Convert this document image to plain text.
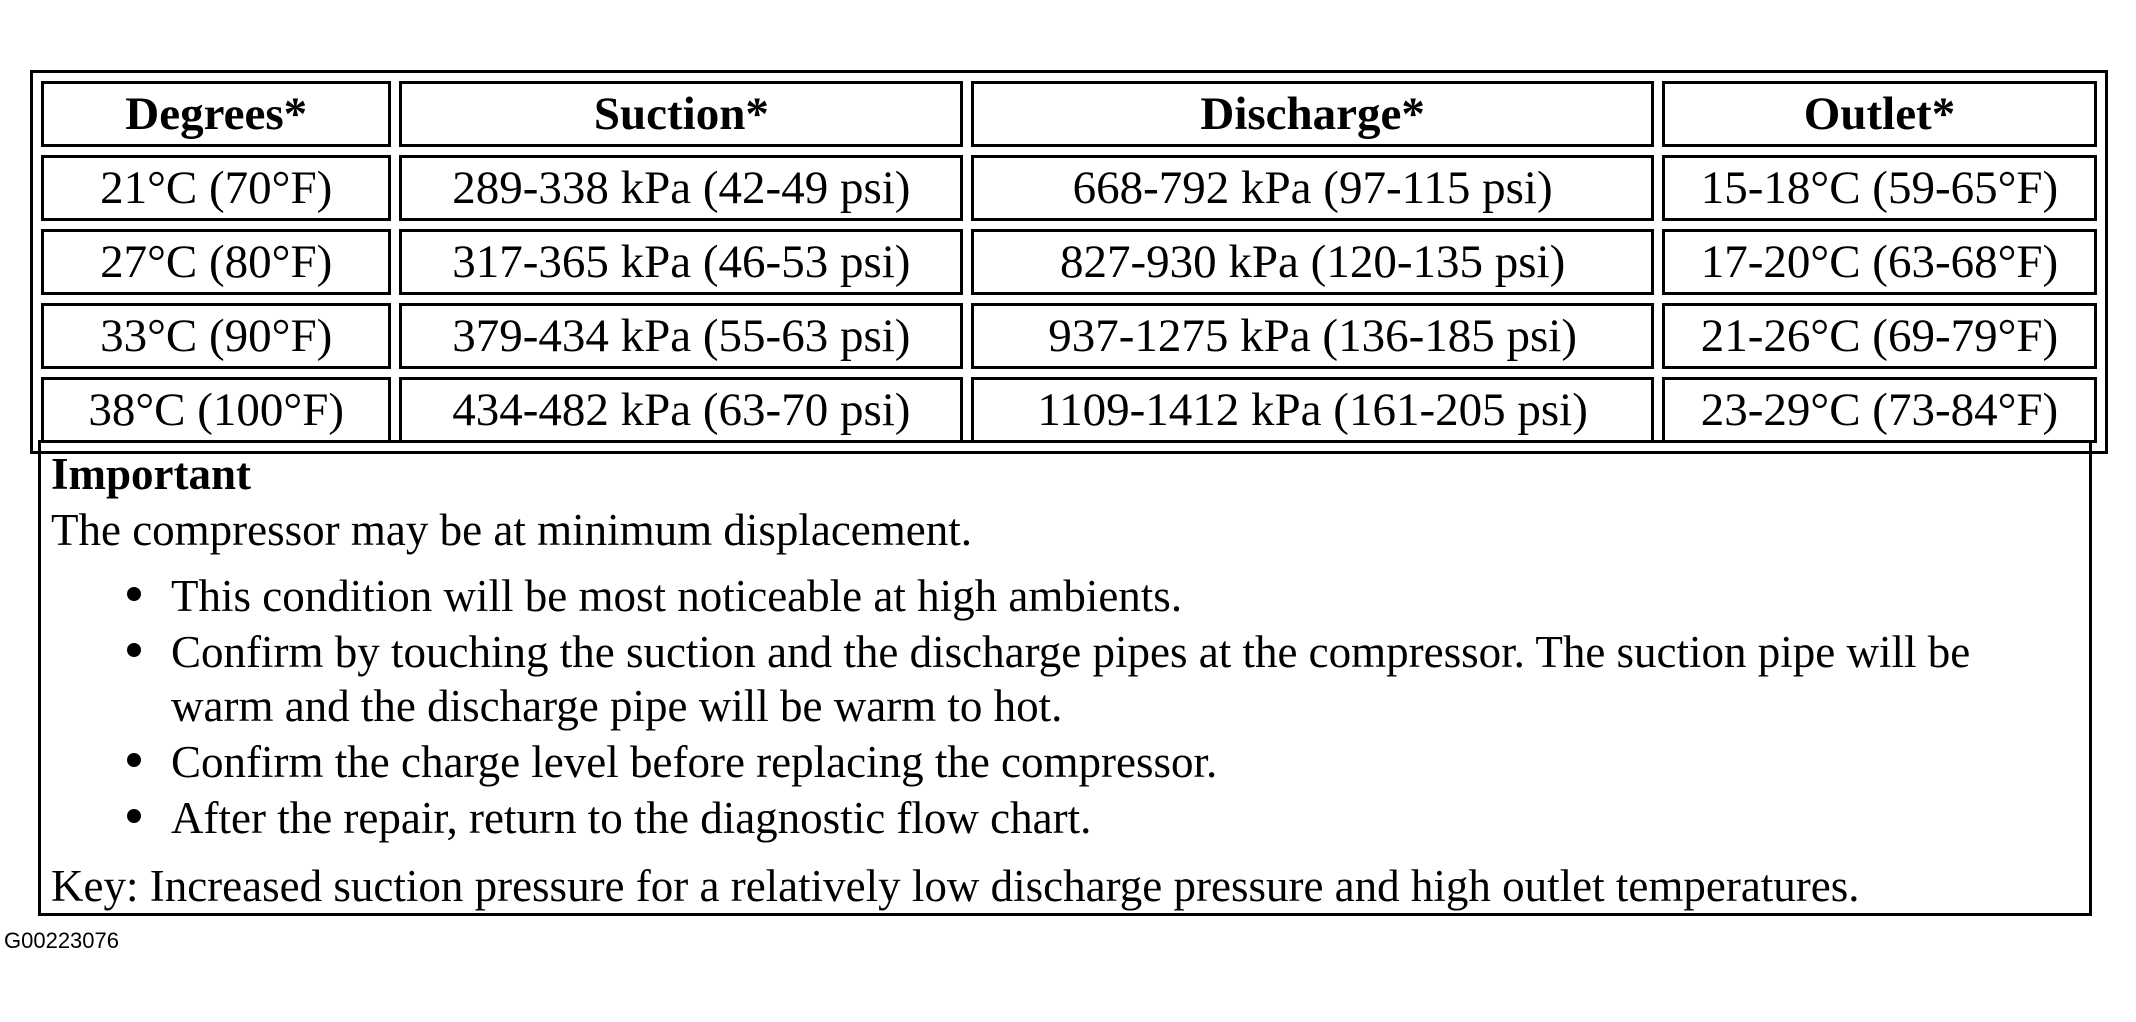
Degrees*	Suction*	Discharge*	Outlet*
21°C (70°F)	289-338 kPa (42-49 psi)	668-792 kPa (97-115 psi)	15-18°C (59-65°F)
27°C (80°F)	317-365 kPa (46-53 psi)	827-930 kPa (120-135 psi)	17-20°C (63-68°F)
33°C (90°F)	379-434 kPa (55-63 psi)	937-1275 kPa (136-185 psi)	21-26°C (69-79°F)
38°C (100°F)	434-482 kPa (63-70 psi)	1109-1412 kPa (161-205 psi)	23-29°C (73-84°F)
Important
The compressor may be at minimum displacement.
This condition will be most noticeable at high ambients.
Confirm by touching the suction and the discharge pipes at the compressor. The suction pipe will be warm and the discharge pipe will be warm to hot.
Confirm the charge level before replacing the compressor.
After the repair, return to the diagnostic flow chart.
Key: Increased suction pressure for a relatively low discharge pressure and high outlet temperatures.
G00223076
